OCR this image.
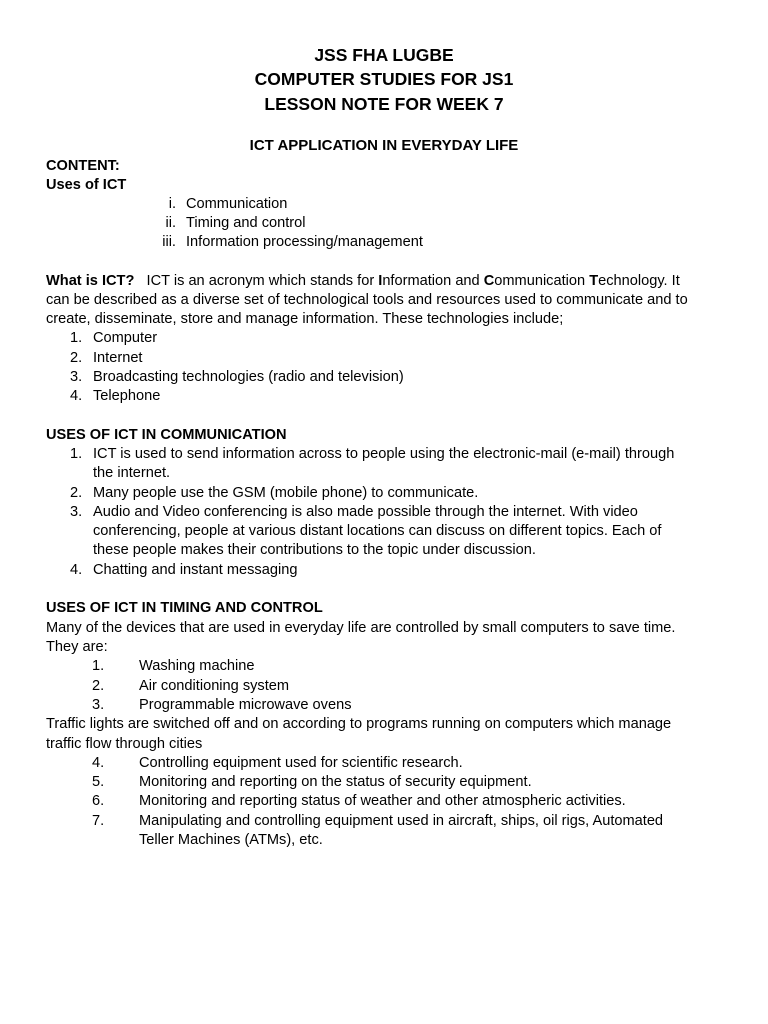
JSS FHA LUGBE
COMPUTER STUDIES FOR JS1
LESSON NOTE FOR WEEK 7
ICT APPLICATION IN EVERYDAY LIFE
CONTENT:
Uses of ICT
i. Communication
ii. Timing and control
iii. Information processing/management
What is ICT? ICT is an acronym which stands for Information and Communication Technology. It
can be described as a diverse set of technological tools and resources used to communicate and to
create, disseminate, store and manage information. These technologies include;
1. Computer
2. Internet
3. Broadcasting technologies (radio and television)
4. Telephone
USES OF ICT IN COMMUNICATION
1. ICT is used to send information across to people using the electronic-mail (e-mail) through
the internet.
2. Many people use the GSM (mobile phone) to communicate.
3. Audio and Video conferencing is also made possible through the internet. With video
conferencing, people at various distant locations can discuss on different topics. Each of
these people makes their contributions to the topic under discussion.
4. Chatting and instant messaging
USES OF ICT IN TIMING AND CONTROL
Many of the devices that are used in everyday life are controlled by small computers to save time.
They are:
1. Washing machine
2. Air conditioning system
3. Programmable microwave ovens
Traffic lights are switched off and on according to programs running on computers which manage
traffic flow through cities
4. Controlling equipment used for scientific research.
5. Monitoring and reporting on the status of security equipment.
6. Monitoring and reporting status of weather and other atmospheric activities.
7. Manipulating and controlling equipment used in aircraft, ships, oil rigs, Automated
Teller Machines (ATMs), etc.
